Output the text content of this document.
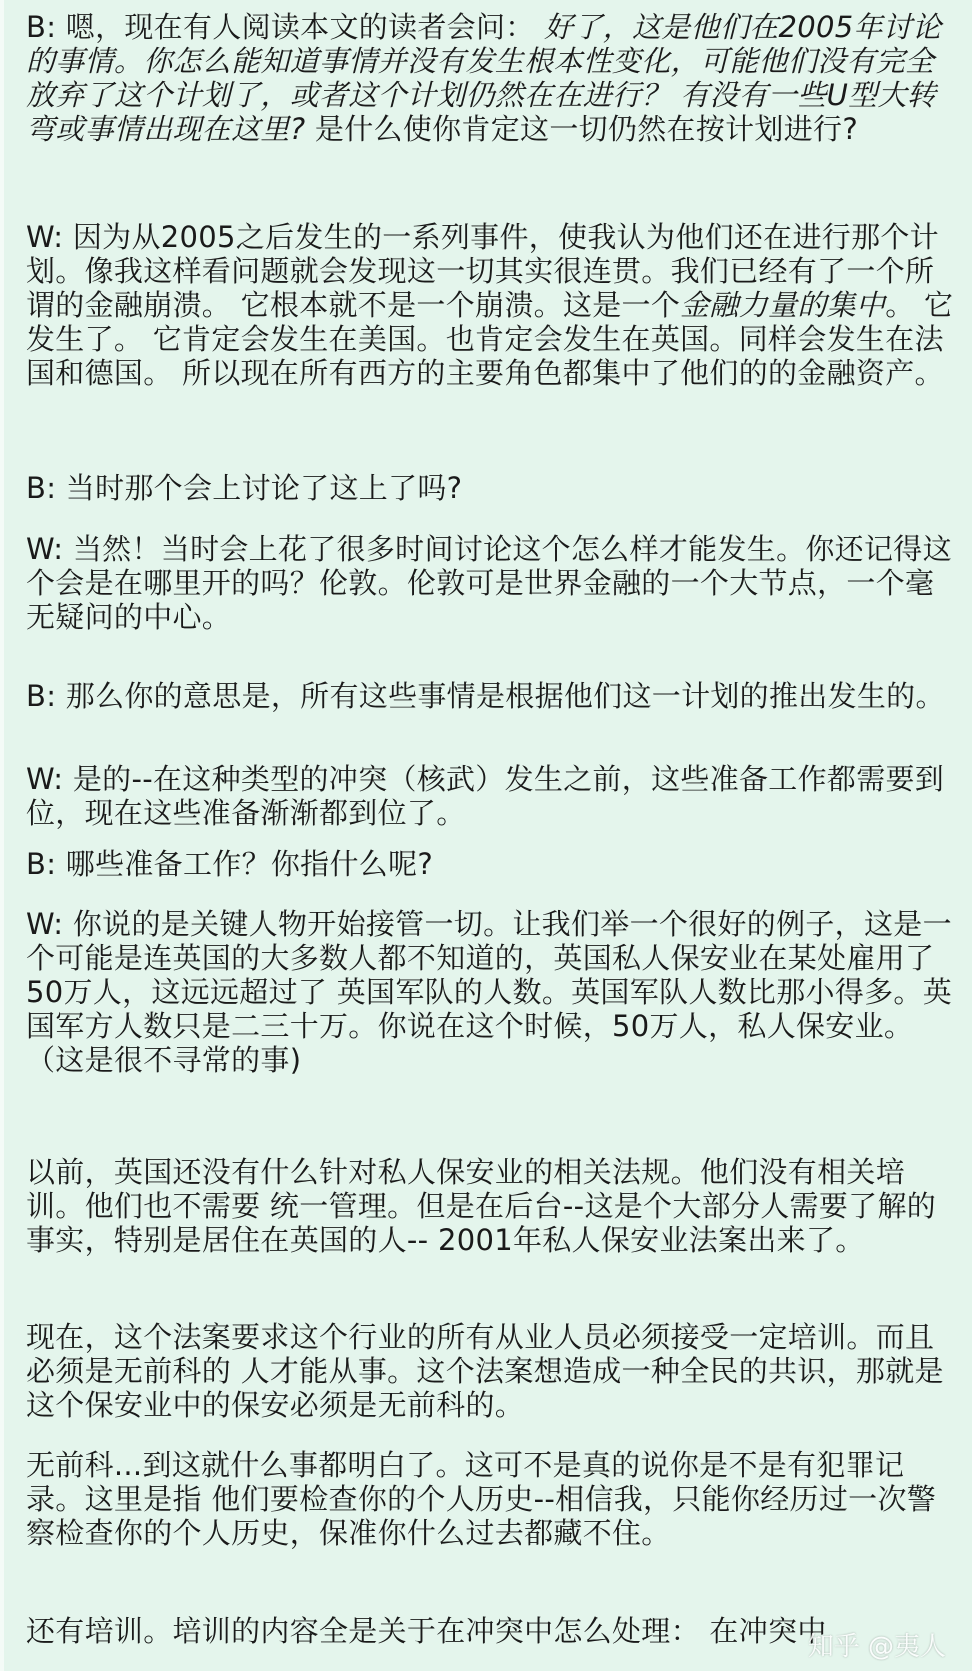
B: 嗯，现在有人阅读本文的读者会问： 好了，这是他们在2005年讨论的事情。你怎么能知道事情并没有发生根本性变化，可能他们没有完全放弃了这个计划了，或者这个计划仍然在在进行？ 有没有一些U型大转弯或事情出现在这里? 是什么使你肯定这一切仍然在按计划进行?

W: 因为从2005之后发生的一系列事件，使我认为他们还在进行那个计划。像我这样看问题就会发现这一切其实很连贯。我们已经有了一个所谓的金融崩溃。 它根本就不是一个崩溃。这是一个金融力量的集中。 它发生了。 它肯定会发生在美国。也肯定会发生在英国。同样会发生在法国和德国。 所以现在所有西方的主要角色都集中了他们的的金融资产。

B: 当时那个会上讨论了这上了吗?

W: 当然！当时会上花了很多时间讨论这个怎么样才能发生。你还记得这个会是在哪里开的吗？伦敦。伦敦可是世界金融的一个大节点，一个毫无疑问的中心。

B: 那么你的意思是，所有这些事情是根据他们这一计划的推出发生的。

W: 是的--在这种类型的冲突（核武）发生之前，这些准备工作都需要到位，现在这些准备渐渐都到位了。

B: 哪些准备工作？你指什么呢?

W: 你说的是关键人物开始接管一切。让我们举一个很好的例子，这是一个可能是连英国的大多数人都不知道的，英国私人保安业在某处雇用了50万人，这远远超过了 英国军队的人数。英国军队人数比那小得多。英国军方人数只是二三十万。你说在这个时候，50万人，私人保安业。 （这是很不寻常的事)

以前，英国还没有什么针对私人保安业的相关法规。他们没有相关培训。他们也不需要 统一管理。但是在后台--这是个大部分人需要了解的事实，特别是居住在英国的人-- 2001年私人保安业法案出来了。

现在，这个法案要求这个行业的所有从业人员必须接受一定培训。而且必须是无前科的 人才能从事。这个法案想造成一种全民的共识，那就是这个保安业中的保安必须是无前科的。

无前科...到这就什么事都明白了。这可不是真的说你是不是有犯罪记录。这里是指 他们要检查你的个人历史--相信我，只能你经历过一次警察检查你的个人历史，保准你什么过去都藏不住。

还有培训。培训的内容全是关于在冲突中怎么处理： 在冲突中

知乎 @夷人
